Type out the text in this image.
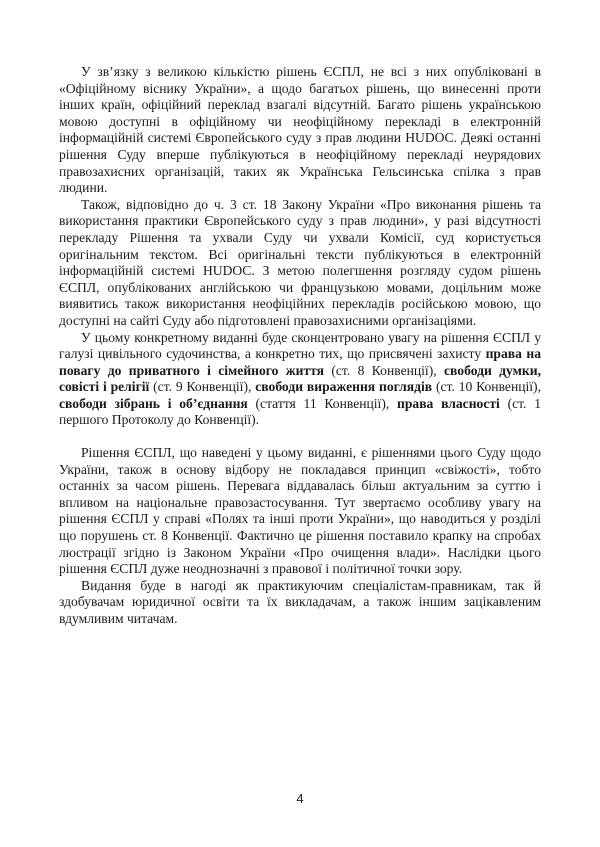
У зв’язку з великою кількістю рішень ЄСПЛ, не всі з них опубліковані в «Офіційному віснику України», а щодо багатьох рішень, що винесенні проти інших країн, офіційний переклад взагалі відсутній. Багато рішень українською мовою доступні в офіційному чи неофіційному перекладі в електронній інформаційній системі Європейського суду з прав людини HUDOC. Деякі останні рішення Суду вперше публікуються в неофіційному перекладі неурядових правозахисних організацій, таких як Українська Гельсинська спілка з прав людини.

Також, відповідно до ч. 3 ст. 18 Закону України «Про виконання рішень та використання практики Європейського суду з прав людини», у разі відсутності перекладу Рішення та ухвали Суду чи ухвали Комісії, суд користується оригінальним текстом. Всі оригінальні тексти публікуються в електронній інформаційній системі HUDOC. З метою полегшення розгляду судом рішень ЄСПЛ, опублікованих англійською чи французькою мовами, доцільним може виявитись також використання неофіційних перекладів російською мовою, що доступні на сайті Суду або підготовлені правозахисними організаціями.

У цьому конкретному виданні буде сконцентровано увагу на рішення ЄСПЛ у галузі цивільного судочинства, а конкретно тих, що присвячені захисту права на повагу до приватного і сімейного життя (ст. 8 Конвенції), свободи думки, совісті і релігії (ст. 9 Конвенції), свободи вираження поглядів (ст. 10 Конвенції), свободи зібрань і об’єднання (стаття 11 Конвенції), права власності (ст. 1 першого Протоколу до Конвенції).

Рішення ЄСПЛ, що наведені у цьому виданні, є рішеннями цього Суду щодо України, також в основу відбору не покладався принцип «свіжості», тобто останніх за часом рішень. Перевага віддавалась більш актуальним за суттю і впливом на національне правозастосування. Тут звертаємо особливу увагу на рішення ЄСПЛ у справі «Полях та інші проти України», що наводиться у розділі що порушень ст. 8 Конвенції. Фактично це рішення поставило крапку на спробах люстрації згідно із Законом України «Про очищення влади». Наслідки цього рішення ЄСПЛ дуже неоднозначні з правової і політичної точки зору.

Видання буде в нагоді як практикуючим спеціалістам-правникам, так й здобувачам юридичної освіти та їх викладачам, а також іншим зацікавленим вдумливим читачам.

4
